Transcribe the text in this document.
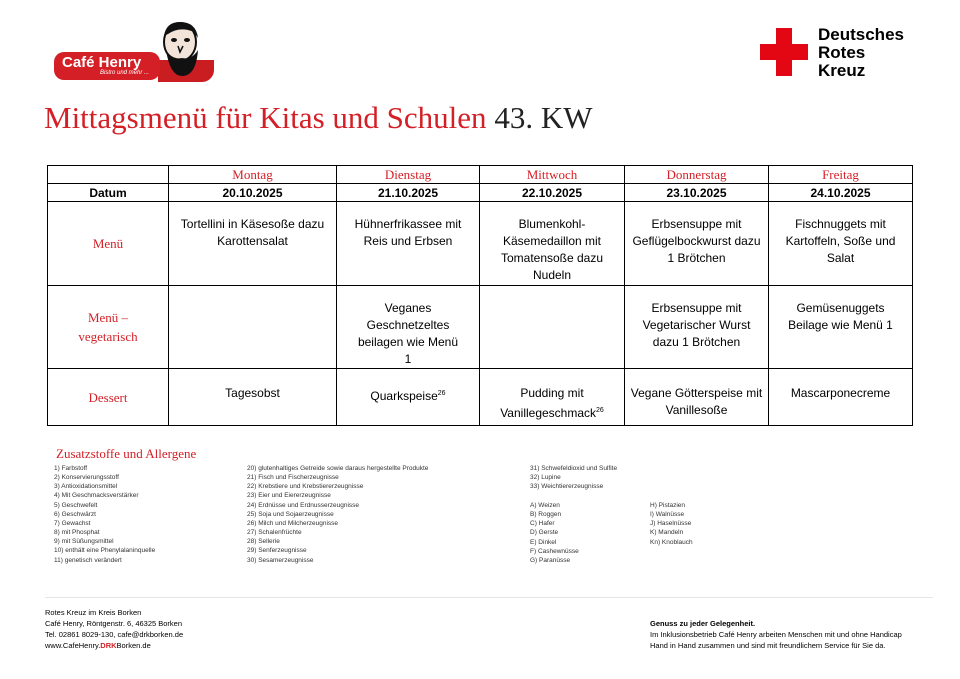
Café Henry
Bistro und mehr ...
Deutsches
Rotes
Kreuz
Mittagsmenü für Kitas und Schulen 43. KW
	Montag	Dienstag	Mittwoch	Donnerstag	Freitag
Datum	20.10.2025	21.10.2025	22.10.2025	23.10.2025	24.10.2025
Menü	Tortellini in Käsesoße dazu Karottensalat	Hühnerfrikassee mit Reis und Erbsen	Blumenkohl-Käsemedaillon mit Tomatensoße dazu Nudeln	Erbsensuppe mit Geflügelbockwurst dazu 1 Brötchen	Fischnuggets mit Kartoffeln, Soße und Salat
Menü – vegetarisch		Veganes Geschnetzeltes beilagen wie Menü 1		Erbsensuppe mit Vegetarischer Wurst dazu 1 Brötchen	Gemüsenuggets Beilage wie Menü 1
Dessert	Tagesobst	Quarkspeise$^{26}$	Pudding mit Vanillegeschmack$^{26}$	Vegane Götterspeise mit Vanillesoße	Mascarponecreme
Zusatzstoffe und Allergene
1) Farbstoff
2) Konservierungsstoff
3) Antioxidationsmittel
4) Mit Geschmacksverstärker
5) Geschwefelt
6) Geschwärzt
7) Gewachst
8) mit Phosphat
9) mit Süßungsmittel
10) enthält eine Phenylalaninquelle
11) genetisch verändert
20) glutenhaltiges Getreide sowie daraus hergestellte Produkte
21) Fisch und Fischerzeugnisse
22) Krebstiere und Krebstiererzeugnisse
23) Eier und Eiererzeugnisse
24) Erdnüsse und Erdnusserzeugnisse
25) Soja und Sojaerzeugnisse
26) Milch und Milcherzeugnisse
27) Schalenfrüchte
28) Sellerie
29) Senferzeugnisse
30) Sesamerzeugnisse
31) Schwefeldioxid und Sulfite
32) Lupine
33) Weichtiererzeugnisse
A) Weizen
B) Roggen
C) Hafer
D) Gerste
E) Dinkel
F) Cashewnüsse
G) Paranüsse
H) Pistazien
I) Walnüsse
J) Haselnüsse
K) Mandeln
Kn) Knoblauch
Rotes Kreuz im Kreis Borken
Café Henry, Röntgenstr. 6, 46325 Borken
Tel. 02861 8029-130, cafe@drkborken.de
www.CafeHenry.DRKBorken.de
Genuss zu jeder Gelegenheit.
Im Inklusionsbetrieb Café Henry arbeiten Menschen mit und ohne Handicap
Hand in Hand zusammen und sind mit freundlichem Service für Sie da.
